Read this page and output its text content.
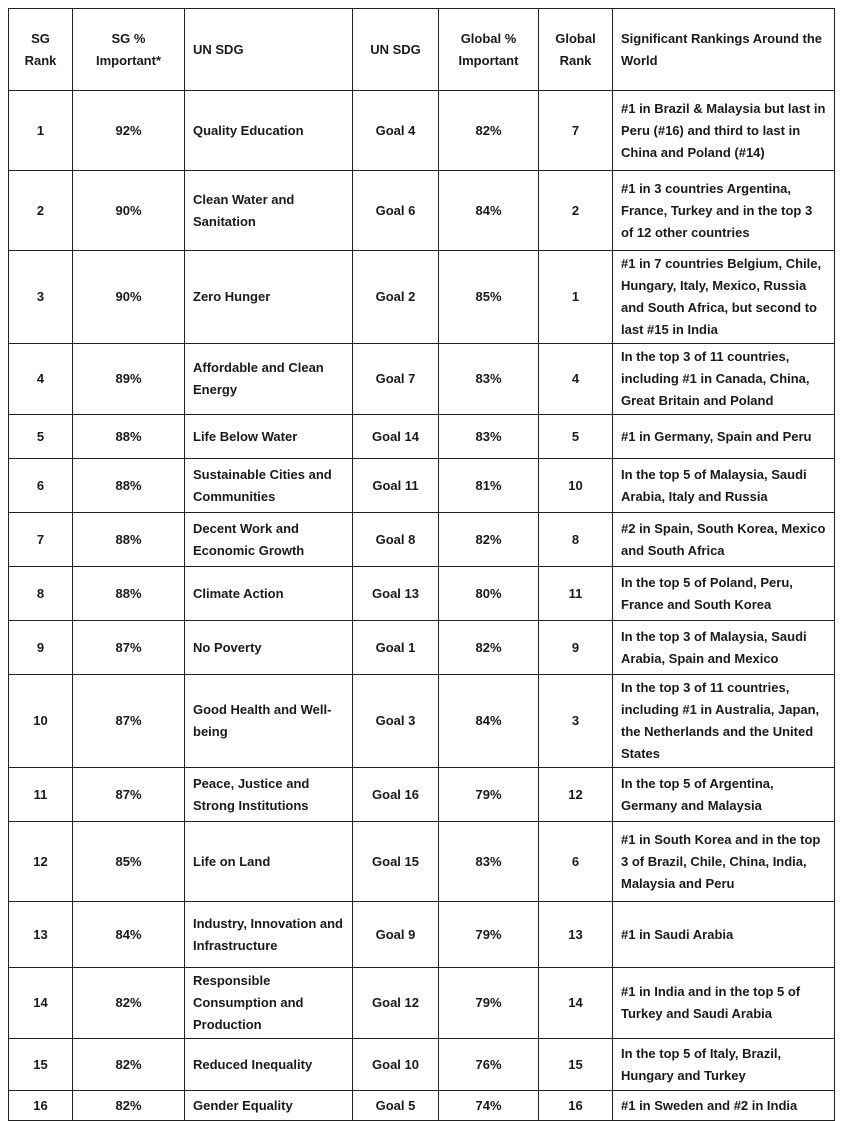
SG Rank	SG % Important*	UN SDG	UN SDG	Global % Important	Global Rank	Significant Rankings Around the World
1	92%	Quality Education	Goal 4	82%	7	#1 in Brazil & Malaysia but last in Peru (#16) and third to last in China and Poland (#14)
2	90%	Clean Water and Sanitation	Goal 6	84%	2	#1 in 3 countries Argentina, France, Turkey and in the top 3 of 12 other countries
3	90%	Zero Hunger	Goal 2	85%	1	#1 in 7 countries Belgium, Chile, Hungary, Italy, Mexico, Russia and South Africa, but second to last #15 in India
4	89%	Affordable and Clean Energy	Goal 7	83%	4	In the top 3 of 11 countries, including #1 in Canada, China, Great Britain and Poland
5	88%	Life Below Water	Goal 14	83%	5	#1 in Germany, Spain and Peru
6	88%	Sustainable Cities and Communities	Goal 11	81%	10	In the top 5 of Malaysia, Saudi Arabia, Italy and Russia
7	88%	Decent Work and Economic Growth	Goal 8	82%	8	#2 in Spain, South Korea, Mexico and South Africa
8	88%	Climate Action	Goal 13	80%	11	In the top 5 of Poland, Peru, France and South Korea
9	87%	No Poverty	Goal 1	82%	9	In the top 3 of Malaysia, Saudi Arabia, Spain and Mexico
10	87%	Good Health and Well-being	Goal 3	84%	3	In the top 3 of 11 countries, including #1 in Australia, Japan, the Netherlands and the United States
11	87%	Peace, Justice and Strong Institutions	Goal 16	79%	12	In the top 5 of Argentina, Germany and Malaysia
12	85%	Life on Land	Goal 15	83%	6	#1 in South Korea and in the top 3 of Brazil, Chile, China, India, Malaysia and Peru
13	84%	Industry, Innovation and Infrastructure	Goal 9	79%	13	#1 in Saudi Arabia
14	82%	Responsible Consumption and Production	Goal 12	79%	14	#1 in India and in the top 5 of Turkey and Saudi Arabia
15	82%	Reduced Inequality	Goal 10	76%	15	In the top 5 of Italy, Brazil, Hungary and Turkey
16	82%	Gender Equality	Goal 5	74%	16	#1 in Sweden and #2 in India
